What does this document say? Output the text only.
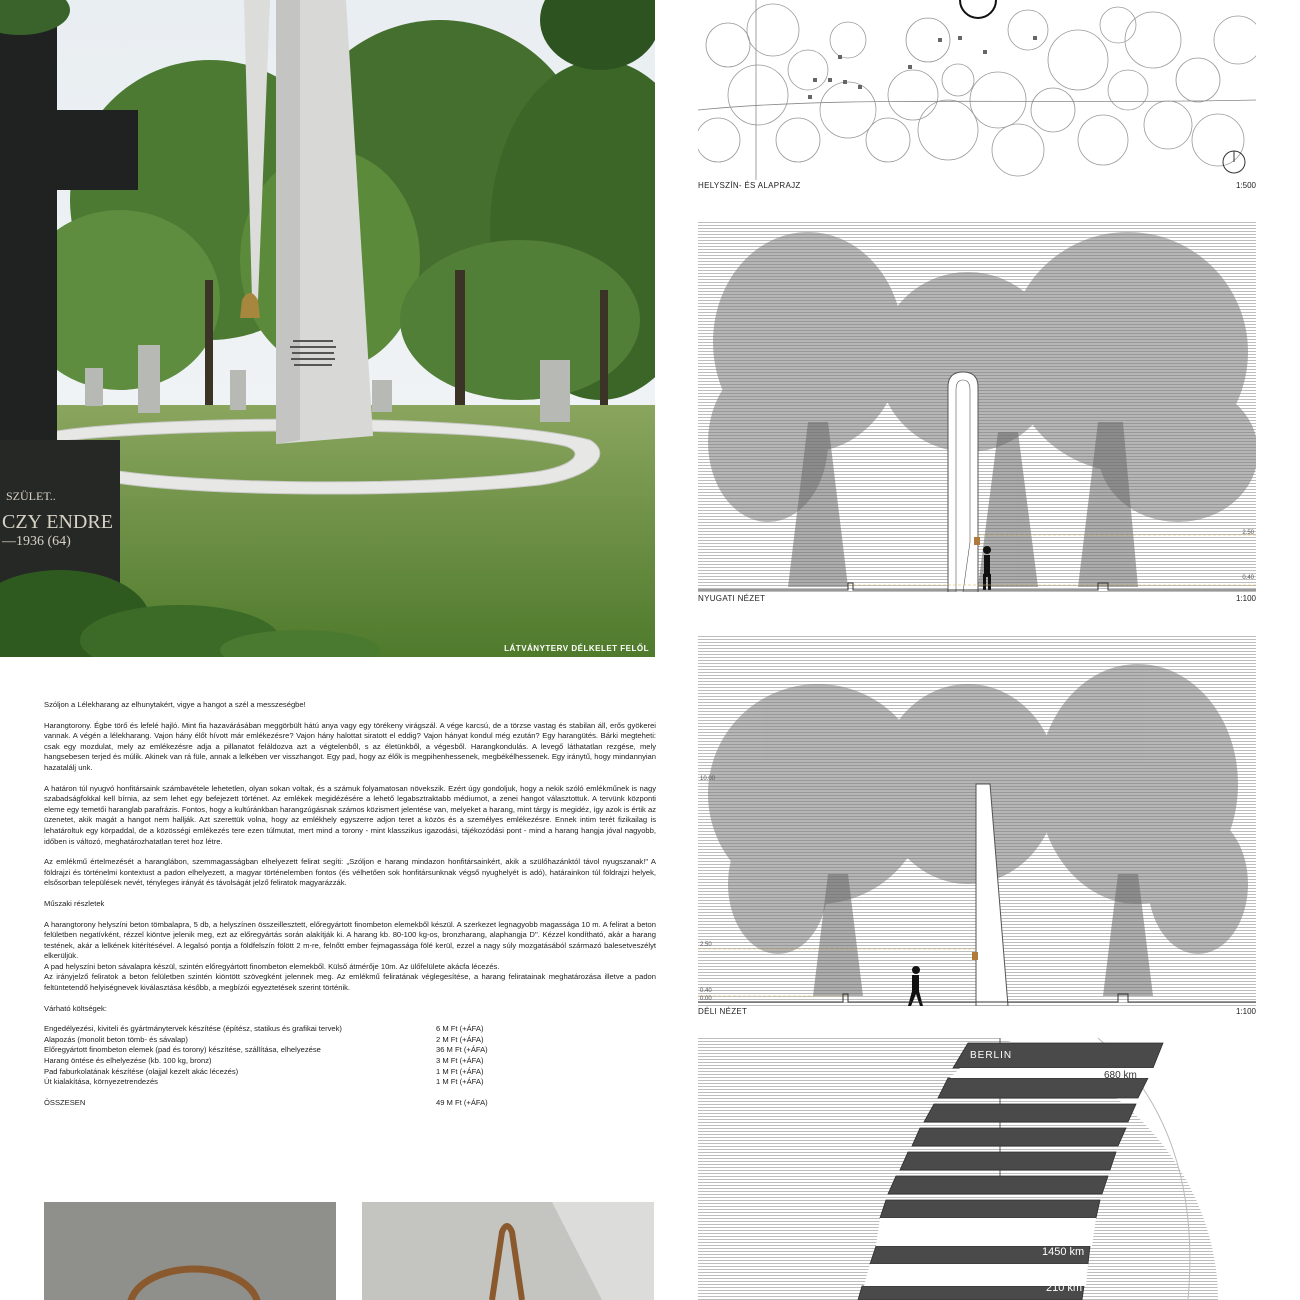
SZÜLET..
CZY ENDRE
—1936 (64)
LÁTVÁNYTERV DÉLKELET FELŐL

Szóljon a Lélekharang az elhunytakért, vigye a hangot a szél a messzeségbe!

Harangtorony. Égbe törő és lefelé hajló. Mint fia hazavárásában meggörbült hátú anya vagy egy törékeny virágszál. A vége karcsú, de a törzse vastag és stabilan áll, erős gyökerei vannak. A végén a lélekharang. Vajon hány élőt hívott már emlékezésre? Vajon hány halottat siratott el eddig? Vajon hányat kondul még ezután? Egy harangütés. Bárki megteheti: csak egy mozdulat, mely az emlékezésre adja a pillanatot feláldozva azt a végtelenből, s az életünkből, a végesből. Harangkondulás. A levegő láthatatlan rezgése, mely hangsebesen terjed és múlik. Akinek van rá füle, annak a lelkében ver visszhangot. Egy pad, hogy az élők is megpihenhessenek, megbékélhessenek. Egy iránytű, hogy mindannyian hazatalálj unk.

A határon túl nyugvó honfitársaink számbavétele lehetetlen, olyan sokan voltak, és a számuk folyamatosan növekszik. Ezért úgy gondoljuk, hogy a nekik szóló emlékműnek is nagy szabadságfokkal kell bírnia, az sem lehet egy befejezett történet. Az emlékek megidézésére a lehető legabsztraktabb médiumot, a zenei hangot választottuk. A tervünk központi eleme egy temetői haranglab parafrázis. Fontos, hogy a kultúránkban harangzúgásnak számos közismert jelentése van, melyeket a harang, mint tárgy is megidéz, így azok is értik az üzenetet, akik magát a hangot nem hallják. Azt szerettük volna, hogy az emlékhely egyszerre adjon teret a közös és a személyes emlékezésre. Ennek intim terét fizikailag is lehatároltuk egy körpaddal, de a közösségi emlékezés tere ezen túlmutat, mert mind a torony - mint klasszikus igazodási, tájékozódási pont - mind a harang hangja jóval nagyobb, időben is változó, meghatározhatatlan teret hoz létre.

Az emlékmű értelmezését a haranglábon, szemmagasságban elhelyezett felirat segíti: „Szóljon e harang mindazon honfitársainkért, akik a szülőhazánktól távol nyugszanak!" A földrajzi és történelmi kontextust a padon elhelyezett, a magyar történelemben fontos (és vélhetően sok honfitársunknak végső nyughelyét is adó), határainkon túl földrajzi helyek, elsősorban települések nevét, tényleges irányát és távolságát jelző feliratok magyarázzák.

Műszaki részletek

A harangtorony helyszíni beton tömbalapra, 5 db, a helyszínen összeillesztett, előregyártott finombeton elemekből készül. A szerkezet legnagyobb magassága 10 m. A felirat a beton felületben negatívként, rézzel kiöntve jelenik meg, ezt az előregyártás során alakítják ki. A harang kb. 80-100 kg-os, bronzharang, alaphangja D''. Kézzel kondítható, akár a harang testének, akár a lelkének kitérítésével. A legalsó pontja a földfelszín fölött 2 m-re, felnőtt ember fejmagassága fölé kerül, ezzel a nagy súly mozgatásából származó balesetveszélyt elkerüljük.

A pad helyszíni beton sávalapra készül, szintén előregyártott finombeton elemekből. Külső átmérője 10m. Az ülőfelülete akácfa lécezés.

Az irányjelző feliratok a beton felületben szintén kiöntött szövegként jelennek meg. Az emlékmű feliratának véglegesítése, a harang feliratainak meghatározása illetve a padon feltüntetendő helyiségnevek kiválasztása később, a megbízói egyeztetések szerint történik.

Várható költségek:

Engedélyezési, kiviteli és gyártmánytervek készítése (építész, statikus és grafikai tervek)	6 M Ft (+ÁFA)
Alapozás (monolit beton tömb- és sávalap)	2 M Ft (+ÁFA)
Előregyártott finombeton elemek (pad és torony) készítése, szállítása, elhelyezése	36 M Ft (+ÁFA)
Harang öntése és elhelyezése (kb. 100 kg, bronz)	3 M Ft (+ÁFA)
Pad faburkolatának készítése (olajjal kezelt akác lécezés)	1 M Ft (+ÁFA)
Út kialakítása, környezetrendezés	1 M Ft (+ÁFA)
ÖSSZESEN	49 M Ft (+ÁFA)
HELYSZÍN- ÉS ALAPRAJZ	1:500
2.50
0.40
NYUGATI NÉZET	1:100
10.00
2.50
0.40
0.00
DÉLI NÉZET	1:100
BERLIN
680 km
LONDON
1450 km
BéCS
210 km
